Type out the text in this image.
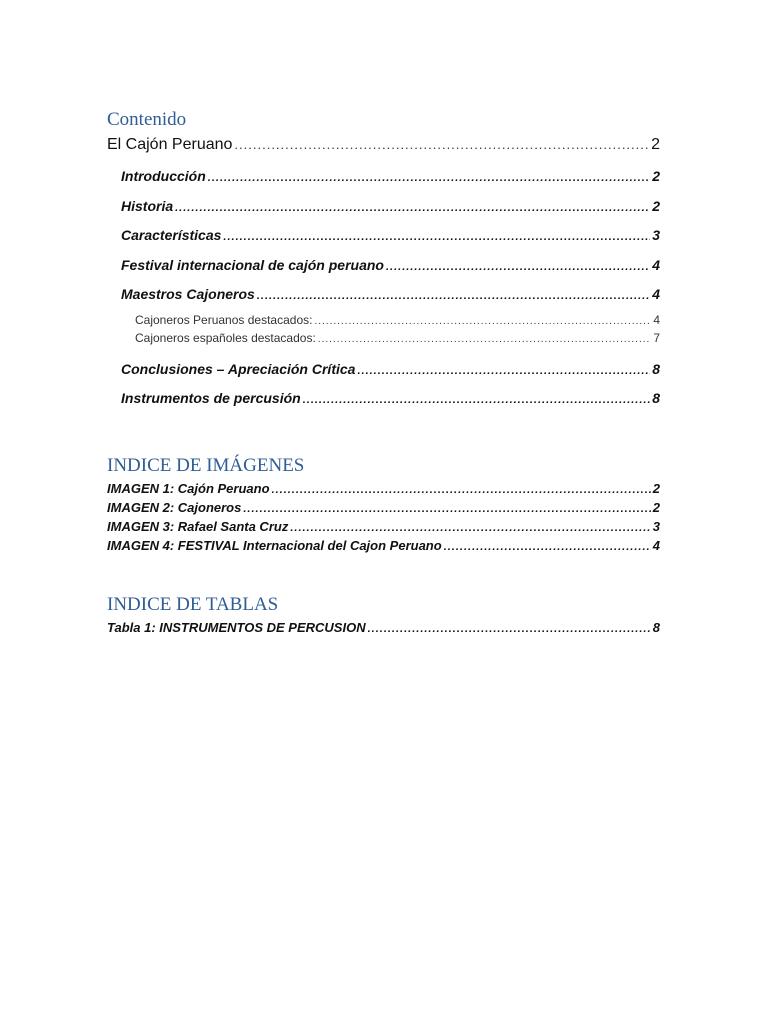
Contenido
El Cajón Peruano .....	2
Introducción .....	2
Historia .....	2
Características .....	3
Festival internacional de cajón peruano .....	4
Maestros Cajoneros .....	4
Cajoneros Peruanos destacados: .....	4
Cajoneros españoles destacados: .....	7
Conclusiones – Apreciación Crítica .....	8
Instrumentos de percusión .....	8
INDICE DE IMÁGENES
IMAGEN 1: Cajón Peruano .....	2
IMAGEN 2: Cajoneros .....	2
IMAGEN 3: Rafael Santa Cruz .....	3
IMAGEN 4: FESTIVAL Internacional del Cajon Peruano .....	4
INDICE DE TABLAS
Tabla 1: INSTRUMENTOS DE PERCUSION .....	8
